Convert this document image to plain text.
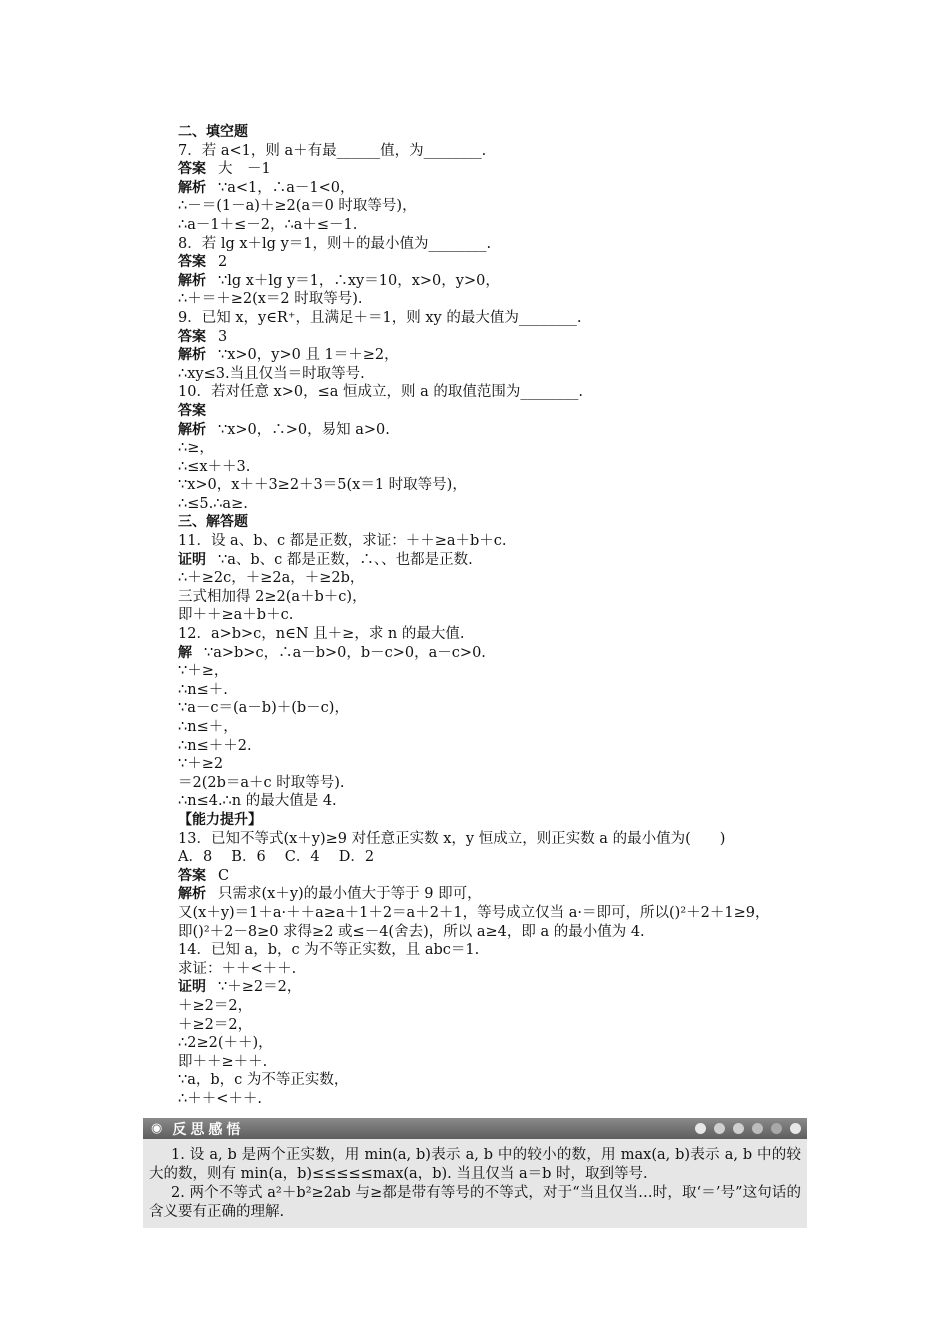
二、填空题
7．若 a<1，则 a＋有最______值，为________.
答案 大　－1
解析 ∵a<1，∴a－1<0，
∴－＝(1－a)＋≥2(a＝0 时取等号)，
∴a－1＋≤－2，∴a＋≤－1.
8．若 lg x＋lg y＝1，则＋的最小值为________.
答案 2
解析 ∵lg x＋lg y＝1，∴xy＝10，x>0，y>0，
∴＋＝＋≥2(x＝2 时取等号).
9．已知 x，y∈R⁺，且满足＋＝1，则 xy 的最大值为________.
答案 3
解析 ∵x>0，y>0 且 1＝＋≥2，
∴xy≤3.当且仅当＝时取等号.
10．若对任意 x>0，≤a 恒成立，则 a 的取值范围为________.
答案
解析 ∵x>0，∴>0，易知 a>0.
∴≥，
∴≤x＋＋3.
∵x>0，x＋＋3≥2＋3＝5(x＝1 时取等号)，
∴≤5.∴a≥.
三、解答题
11．设 a、b、c 都是正数，求证：＋＋≥a＋b＋c.
证明 ∵a、b、c 都是正数，∴、、也都是正数.
∴＋≥2c，＋≥2a，＋≥2b，
三式相加得 2≥2(a＋b＋c)，
即＋＋≥a＋b＋c.
12．a>b>c，n∈N 且＋≥，求 n 的最大值.
解 ∵a>b>c，∴a－b>0，b－c>0，a－c>0.
∵＋≥，
∴n≤＋.
∵a－c＝(a－b)＋(b－c)，
∴n≤＋，
∴n≤＋＋2.
∵＋≥2
＝2(2b＝a＋c 时取等号).
∴n≤4.∴n 的最大值是 4.
【能力提升】
13．已知不等式(x＋y)≥9 对任意正实数 x，y 恒成立，则正实数 a 的最小值为(　　)
A．8　 B．6　 C．4　 D．2
答案 C
解析 只需求(x＋y)的最小值大于等于 9 即可，
又(x＋y)＝1＋a·＋＋a≥a＋1＋2＝a＋2＋1，等号成立仅当 a·＝即可，所以()²＋2＋1≥9，
即()²＋2－8≥0 求得≥2 或≤－4(舍去)，所以 a≥4，即 a 的最小值为 4.
14．已知 a，b，c 为不等正实数，且 abc＝1.
求证：＋＋<＋＋.
证明 ∵＋≥2＝2，
＋≥2＝2，
＋≥2＝2，
∴2≥2(＋＋)，
即＋＋≥＋＋.
∵a，b，c 为不等正实数，
∴＋＋<＋＋.
◉ 反思感悟
1. 设 a, b 是两个正实数，用 min(a, b)表示 a, b 中的较小的数，用 max(a, b)表示 a, b 中的较大的数，则有 min(a，b)≤≤≤≤≤max(a，b). 当且仅当 a＝b 时，取到等号.
2. 两个不等式 a²＋b²≥2ab 与≥都是带有等号的不等式，对于“当且仅当…时，取‘＝’号”这句话的含义要有正确的理解.
